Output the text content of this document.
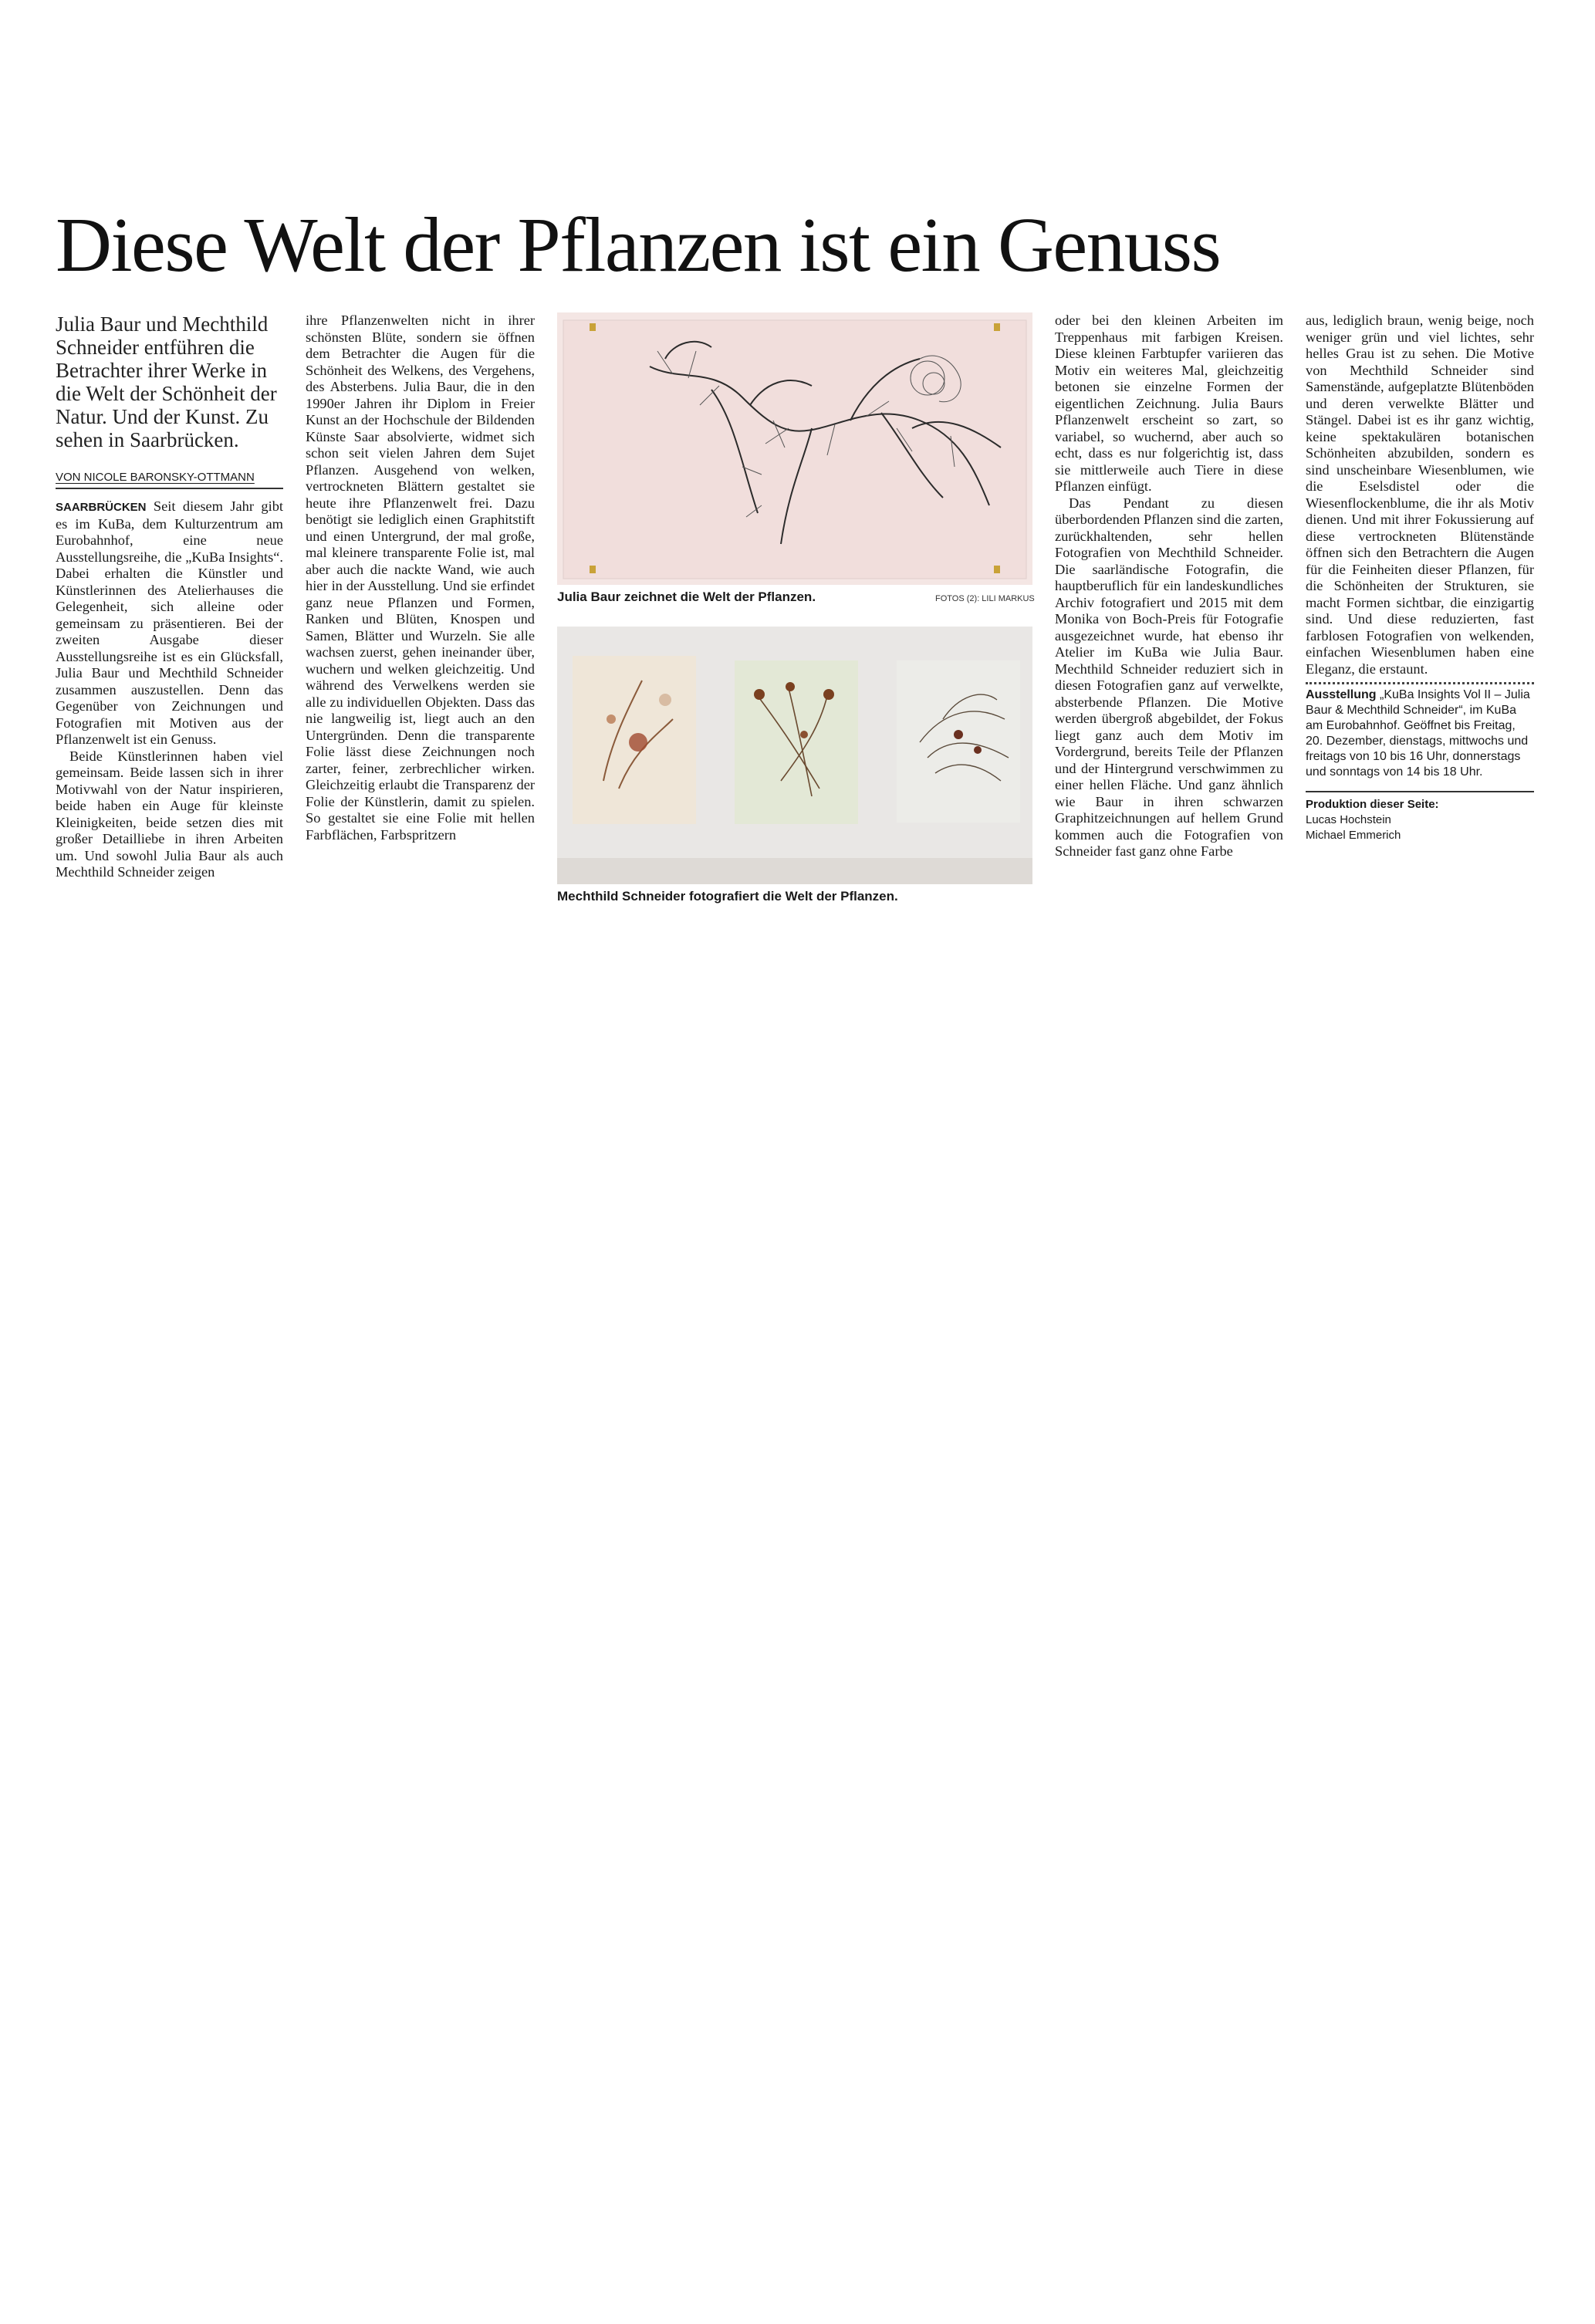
Diese Welt der Pflanzen ist ein Genuss
Julia Baur und Mechthild Schneider entführen die Betrachter ihrer Werke in die Welt der Schönheit der Natur. Und der Kunst. Zu sehen in Saarbrücken.
VON NICOLE BARONSKY-OTTMANN

SAARBRÜCKEN Seit diesem Jahr gibt es im KuBa, dem Kulturzentrum am Eurobahnhof, eine neue Ausstellungsreihe, die „KuBa Insights“. Dabei erhalten die Künstler und Künstlerinnen des Atelierhauses die Gelegenheit, sich alleine oder gemeinsam zu präsentieren. Bei der zweiten Ausgabe dieser Ausstellungsreihe ist es ein Glücksfall, Julia Baur und Mechthild Schneider zusammen auszustellen. Denn das Gegenüber von Zeichnungen und Fotografien mit Motiven aus der Pflanzenwelt ist ein Genuss.

Beide Künstlerinnen haben viel gemeinsam. Beide lassen sich in ihrer Motivwahl von der Natur inspirieren, beide haben ein Auge für kleinste Kleinigkeiten, beide setzen dies mit großer Detailliebe in ihren Arbeiten um. Und sowohl Julia Baur als auch Mechthild Schneider zeigen

ihre Pflanzenwelten nicht in ihrer schönsten Blüte, sondern sie öffnen dem Betrachter die Augen für die Schönheit des Welkens, des Vergehens, des Absterbens. Julia Baur, die in den 1990er Jahren ihr Diplom in Freier Kunst an der Hochschule der Bildenden Künste Saar absolvierte, widmet sich schon seit vielen Jahren dem Sujet Pflanzen. Ausgehend von welken, vertrockneten Blättern gestaltet sie heute ihre Pflanzenwelt frei. Dazu benötigt sie lediglich einen Graphitstift und einen Untergrund, der mal große, mal kleinere transparente Folie ist, mal aber auch die nackte Wand, wie auch hier in der Ausstellung. Und sie erfindet ganz neue Pflanzen und Formen, Ranken und Blüten, Knospen und Samen, Blätter und Wurzeln. Sie alle wachsen zuerst, gehen ineinander über, wuchern und welken gleichzeitig. Und während des Verwelkens werden sie alle zu individuellen Objekten. Dass das nie langweilig ist, liegt auch an den Untergründen. Denn die transparente Folie lässt diese Zeichnungen noch zarter, feiner, zerbrechlicher wirken. Gleichzeitig erlaubt die Transparenz der Folie der Künstlerin, damit zu spielen. So gestaltet sie eine Folie mit hellen Farbflächen, Farbspritzern

Julia Baur zeichnet die Welt der Pflanzen.	FOTOS (2): LILI MARKUS
Mechthild Schneider fotografiert die Welt der Pflanzen.

oder bei den kleinen Arbeiten im Treppenhaus mit farbigen Kreisen. Diese kleinen Farbtupfer variieren das Motiv ein weiteres Mal, gleichzeitig betonen sie einzelne Formen der eigentlichen Zeichnung. Julia Baurs Pflanzenwelt erscheint so zart, so variabel, so wuchernd, aber auch so echt, dass es nur folgerichtig ist, dass sie mittlerweile auch Tiere in diese Pflanzen einfügt.

Das Pendant zu diesen überbordenden Pflanzen sind die zarten, zurückhaltenden, sehr hellen Fotografien von Mechthild Schneider. Die saarländische Fotografin, die hauptberuflich für ein landeskundliches Archiv fotografiert und 2015 mit dem Monika von Boch-Preis für Fotografie ausgezeichnet wurde, hat ebenso ihr Atelier im KuBa wie Julia Baur. Mechthild Schneider reduziert sich in diesen Fotografien ganz auf verwelkte, absterbende Pflanzen. Die Motive werden übergroß abgebildet, der Fokus liegt ganz auch dem Motiv im Vordergrund, bereits Teile der Pflanzen und der Hintergrund verschwimmen zu einer hellen Fläche. Und ganz ähnlich wie Baur in ihren schwarzen Graphitzeichnungen auf hellem Grund kommen auch die Fotografien von Schneider fast ganz ohne Farbe

aus, lediglich braun, wenig beige, noch weniger grün und viel lichtes, sehr helles Grau ist zu sehen. Die Motive von Mechthild Schneider sind Samenstände, aufgeplatzte Blütenböden und deren verwelkte Blätter und Stängel. Dabei ist es ihr ganz wichtig, keine spektakulären botanischen Schönheiten abzubilden, sondern es sind unscheinbare Wiesenblumen, wie die Eselsdistel oder die Wiesenflockenblume, die ihr als Motiv dienen. Und mit ihrer Fokussierung auf diese vertrockneten Blütenstände öffnen sich den Betrachtern die Augen für die Feinheiten dieser Pflanzen, für die Schönheiten der Strukturen, sie macht Formen sichtbar, die einzigartig sind. Und diese reduzierten, fast farblosen Fotografien von welkenden, einfachen Wiesenblumen haben eine Eleganz, die erstaunt.

Ausstellung „KuBa Insights Vol II – Julia Baur & Mechthild Schneider“, im KuBa am Eurobahnhof. Geöffnet bis Freitag, 20. Dezember, dienstags, mittwochs und freitags von 10 bis 16 Uhr, donnerstags und sonntags von 14 bis 18 Uhr.
Produktion dieser Seite:
Lucas Hochstein
Michael Emmerich
